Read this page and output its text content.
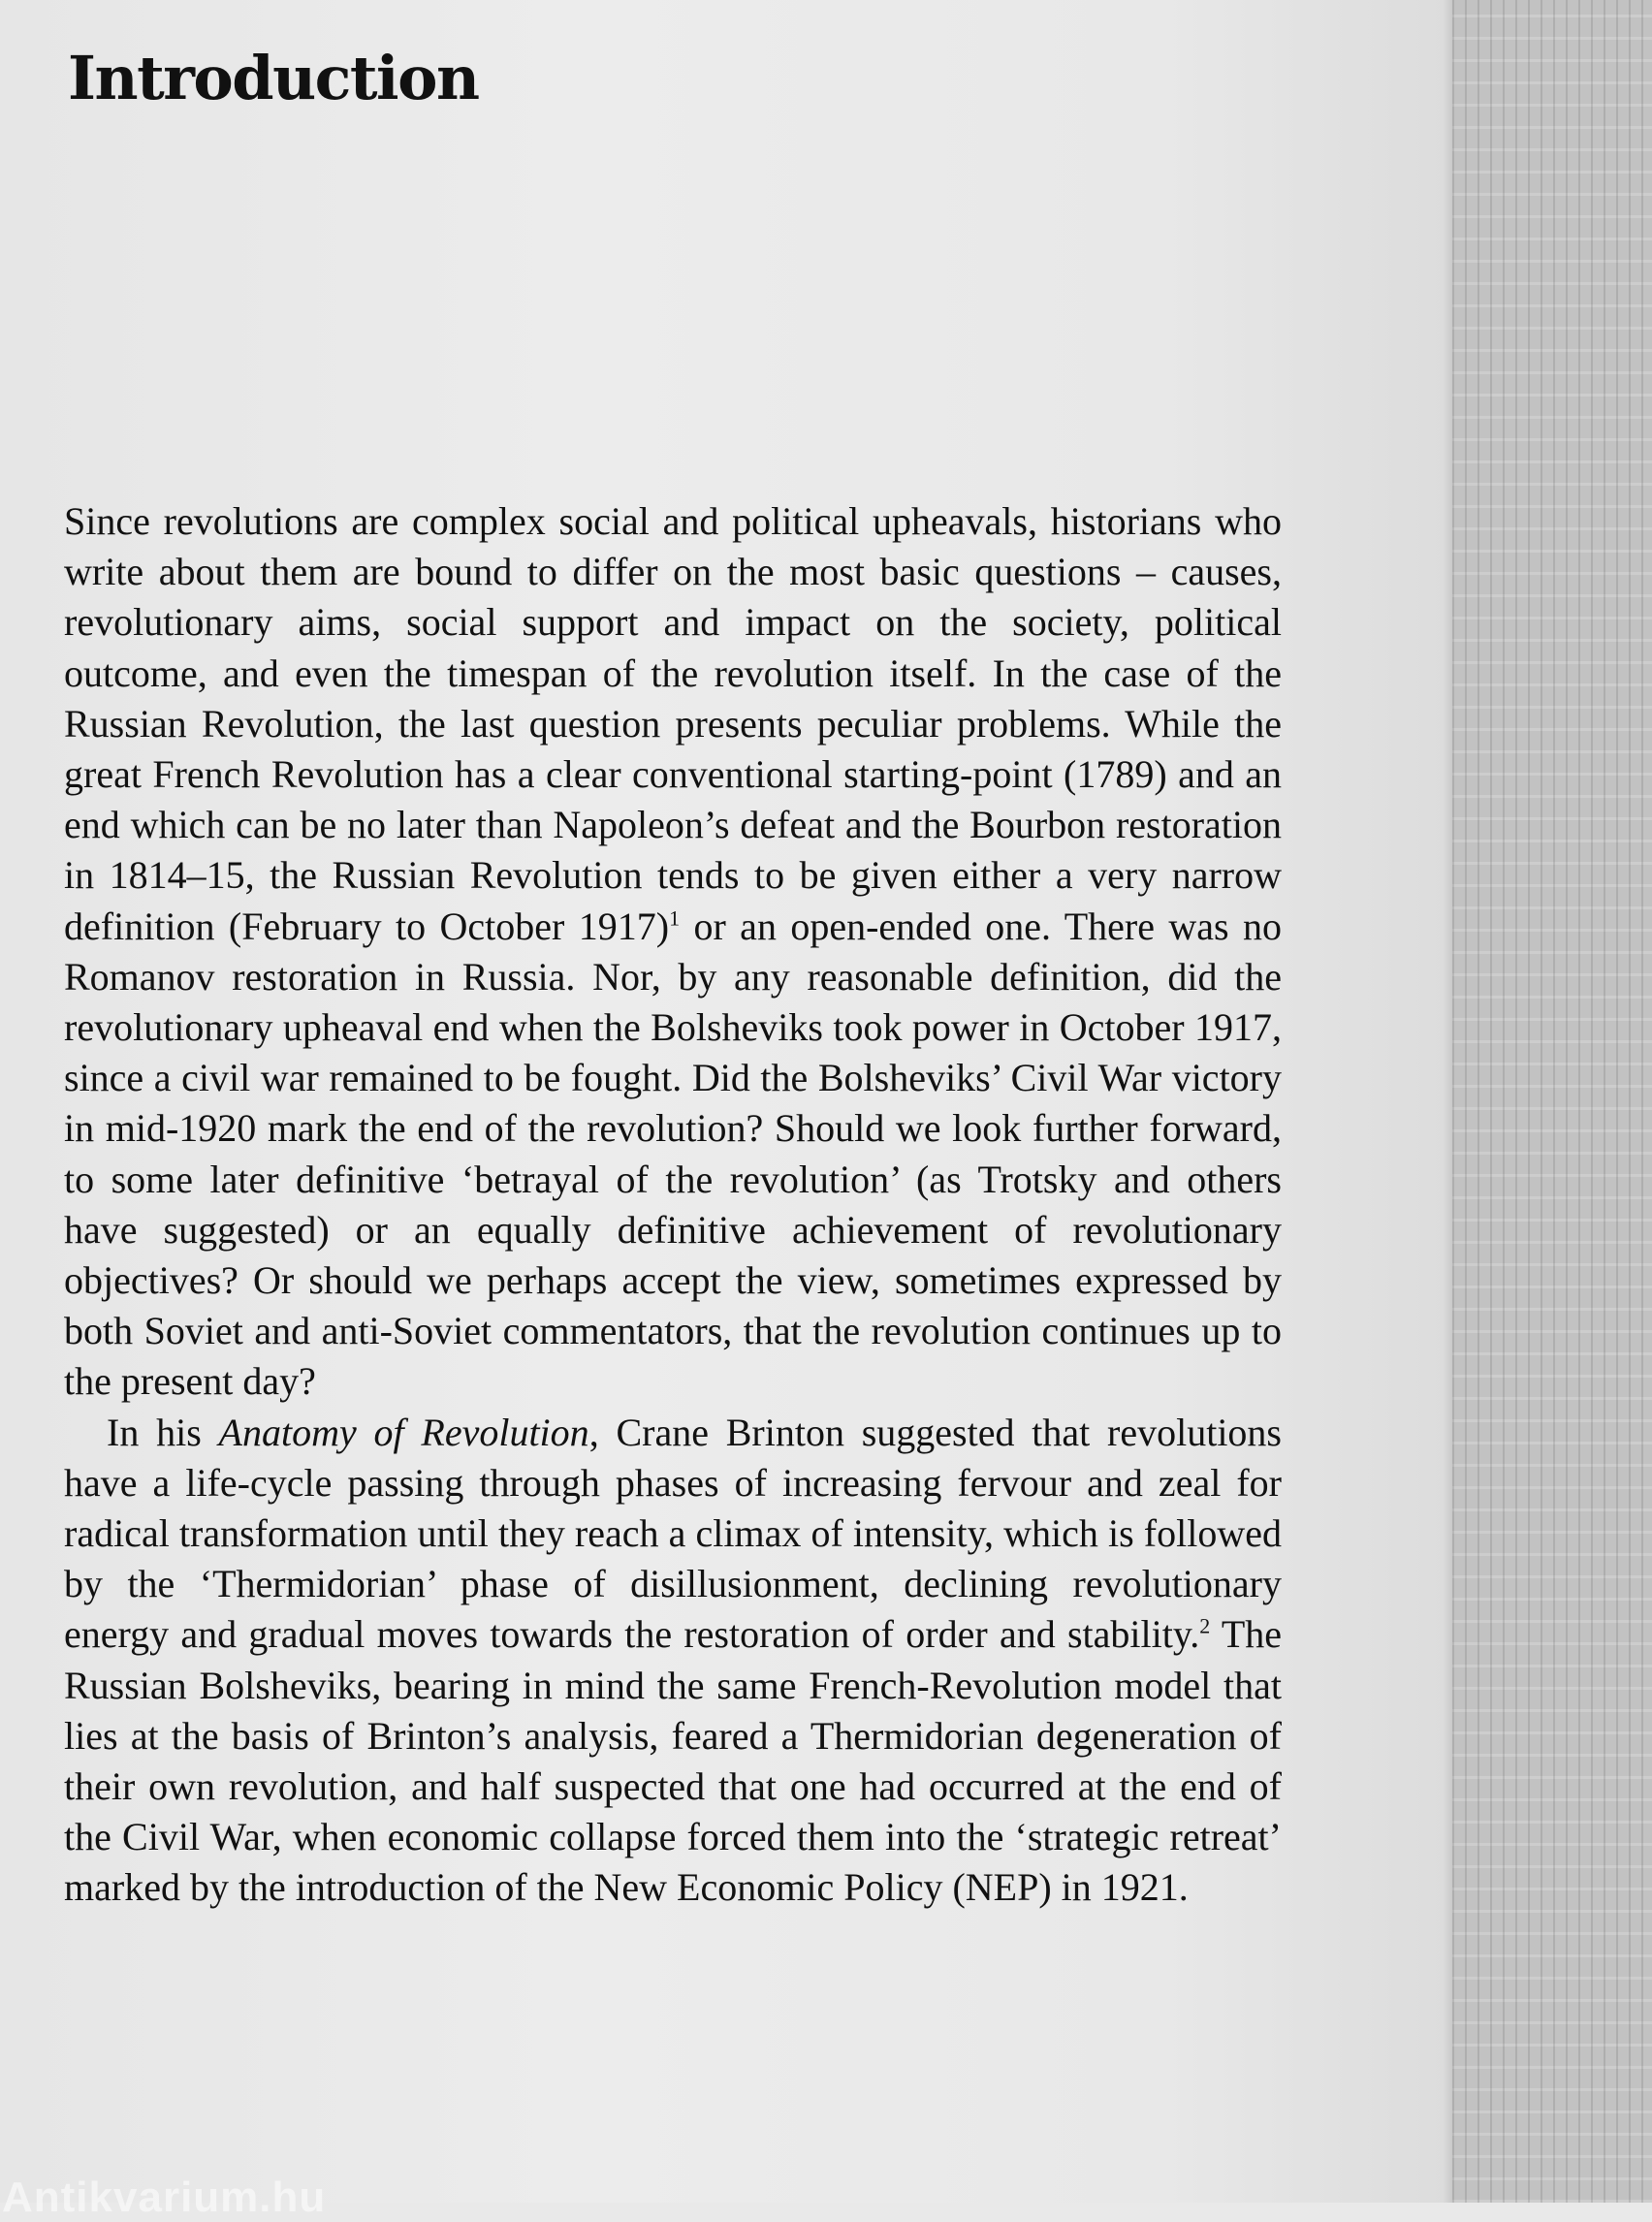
Introduction

Since revolutions are complex social and political upheavals, historians who write about them are bound to differ on the most basic questions – causes, revolutionary aims, social support and impact on the society, political outcome, and even the timespan of the revolution itself. In the case of the Russian Revolution, the last question presents peculiar problems. While the great French Revolution has a clear conventional starting-point (1789) and an end which can be no later than Napoleon’s defeat and the Bourbon restoration in 1814–15, the Russian Revolution tends to be given either a very narrow definition (February to October 1917)$^1$ or an open-ended one. There was no Romanov restoration in Russia. Nor, by any reasonable definition, did the revolutionary upheaval end when the Bolsheviks took power in October 1917, since a civil war remained to be fought. Did the Bolsheviks’ Civil War victory in mid-1920 mark the end of the revolution? Should we look further forward, to some later definitive ‘betrayal of the revolution’ (as Trotsky and others have suggested) or an equally definitive achievement of revolutionary objectives? Or should we perhaps accept the view, sometimes expressed by both Soviet and anti-Soviet commentators, that the revolution continues up to the present day?

In his Anatomy of Revolution, Crane Brinton suggested that revolutions have a life-cycle passing through phases of increasing fervour and zeal for radical transformation until they reach a climax of intensity, which is followed by the ‘Thermidorian’ phase of disillusionment, declining revolutionary energy and gradual moves towards the restoration of order and stability.$^2$ The Russian Bolsheviks, bearing in mind the same French-Revolution model that lies at the basis of Brinton’s analysis, feared a Thermidorian degeneration of their own revolution, and half suspected that one had occurred at the end of the Civil War, when economic collapse forced them into the ‘strategic retreat’ marked by the introduction of the New Economic Policy (NEP) in 1921.

Antikvarium.hu
